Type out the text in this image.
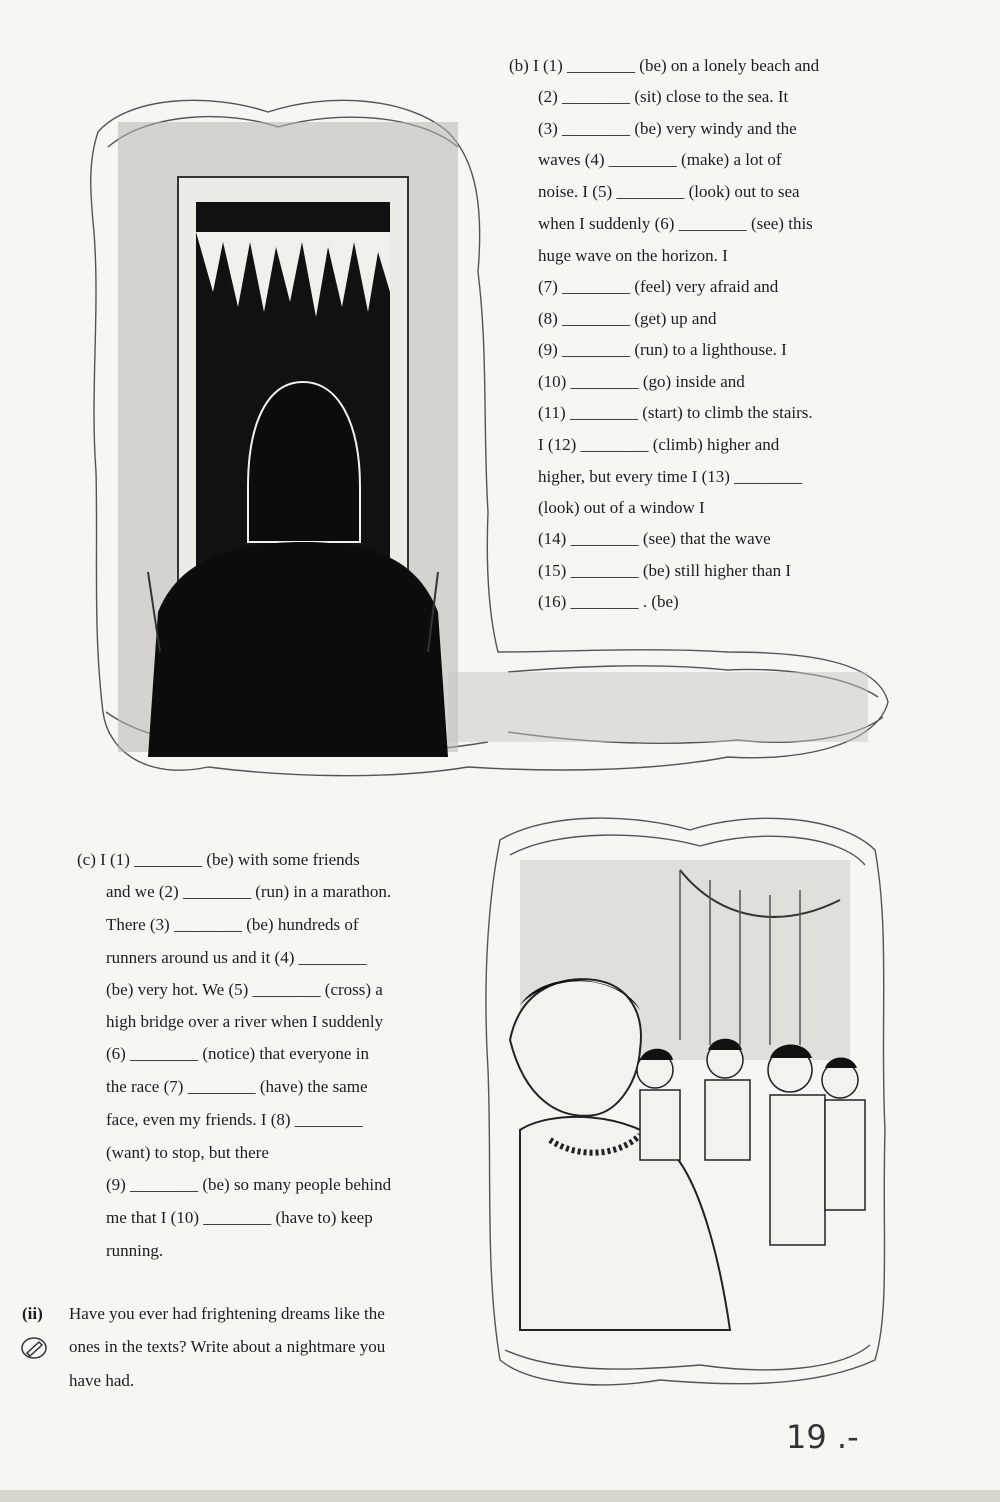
(b) I (1) ________ (be) on a lonely beach and
(2) ________ (sit) close to the sea. It
(3) ________ (be) very windy and the
waves (4) ________ (make) a lot of
noise. I (5) ________ (look) out to sea
when I suddenly (6) ________ (see) this
huge wave on the horizon. I
(7) ________ (feel) very afraid and
(8) ________ (get) up and
(9) ________ (run) to a lighthouse. I
(10) ________ (go) inside and
(11) ________ (start) to climb the stairs.
I (12) ________ (climb) higher and
higher, but every time I (13) ________
(look) out of a window I
(14) ________ (see) that the wave
(15) ________ (be) still higher than I
(16) ________ . (be)
(c) I (1) ________ (be) with some friends
and we (2) ________ (run) in a marathon.
There (3) ________ (be) hundreds of
runners around us and it (4) ________
(be) very hot. We (5) ________ (cross) a
high bridge over a river when I suddenly
(6) ________ (notice) that everyone in
the race (7) ________ (have) the same
face, even my friends. I (8) ________
(want) to stop, but there
(9) ________ (be) so many people behind
me that I (10) ________ (have to) keep
running.
(ii) Have you ever had frightening dreams like the
ones in the texts? Write about a nightmare you
have had.
19 .-
